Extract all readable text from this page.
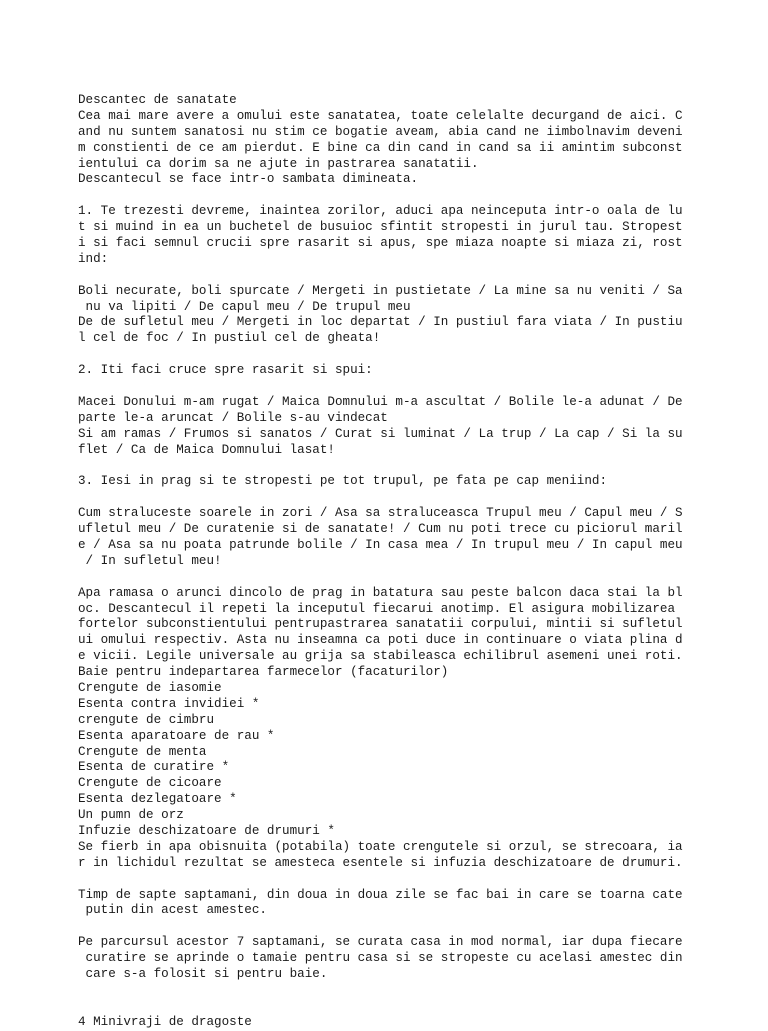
Descantec de sanatate
Cea mai mare avere a omului este sanatatea, toate celelalte decurgand de aici. C
and nu suntem sanatosi nu stim ce bogatie aveam, abia cand ne iimbolnavim deveni
m constienti de ce am pierdut. E bine ca din cand in cand sa ii amintim subconst
ientului ca dorim sa ne ajute in pastrarea sanatatii.
Descantecul se face intr-o sambata dimineata.
1. Te trezesti devreme, inaintea zorilor, aduci apa neinceputa intr-o oala de lu
t si muind in ea un buchetel de busuioc sfintit stropesti in jurul tau. Stropest
i si faci semnul crucii spre rasarit si apus, spe miaza noapte si miaza zi, rost
ind:
Boli necurate, boli spurcate / Mergeti in pustietate / La mine sa nu veniti / Sa
nu va lipiti / De capul meu / De trupul meu
De de sufletul meu / Mergeti in loc departat / In pustiul fara viata / In pustiu
l cel de foc / In pustiul cel de gheata!
2. Iti faci cruce spre rasarit si spui:
Macei Donului m-am rugat / Maica Domnului m-a ascultat / Bolile le-a adunat / De
parte le-a aruncat / Bolile s-au vindecat
Si am ramas / Frumos si sanatos / Curat si luminat / La trup / La cap / Si la su
flet / Ca de Maica Domnului lasat!
3. Iesi in prag si te stropesti pe tot trupul, pe fata pe cap meniind:
Cum straluceste soarele in zori / Asa sa straluceasca Trupul meu / Capul meu / S
ufletul meu / De curatenie si de sanatate! / Cum nu poti trece cu piciorul maril
e / Asa sa nu poata patrunde bolile / In casa mea / In trupul meu / In capul meu
/ In sufletul meu!
Apa ramasa o arunci dincolo de prag in batatura sau peste balcon daca stai la bl
oc. Descantecul il repeti la inceputul fiecarui anotimp. El asigura mobilizarea
fortelor subconstientului pentrupastrarea sanatatii corpului, mintii si sufletul
ui omului respectiv. Asta nu inseamna ca poti duce in continuare o viata plina d
e vicii. Legile universale au grija sa stabileasca echilibrul asemeni unei roti.
Baie pentru indepartarea farmecelor (facaturilor)
Crengute de iasomie
Esenta contra invidiei *
crengute de cimbru
Esenta aparatoare de rau *
Crengute de menta
Esenta de curatire *
Crengute de cicoare
Esenta dezlegatoare *
Un pumn de orz
Infuzie deschizatoare de drumuri *
Se fierb in apa obisnuita (potabila) toate crengutele si orzul, se strecoara, ia
r in lichidul rezultat se amesteca esentele si infuzia deschizatoare de drumuri.
Timp de sapte saptamani, din doua in doua zile se fac bai in care se toarna cate
putin din acest amestec.
Pe parcursul acestor 7 saptamani, se curata casa in mod normal, iar dupa fiecare
curatire se aprinde o tamaie pentru casa si se stropeste cu acelasi amestec din
care s-a folosit si pentru baie.
4 Minivraji de dragoste
